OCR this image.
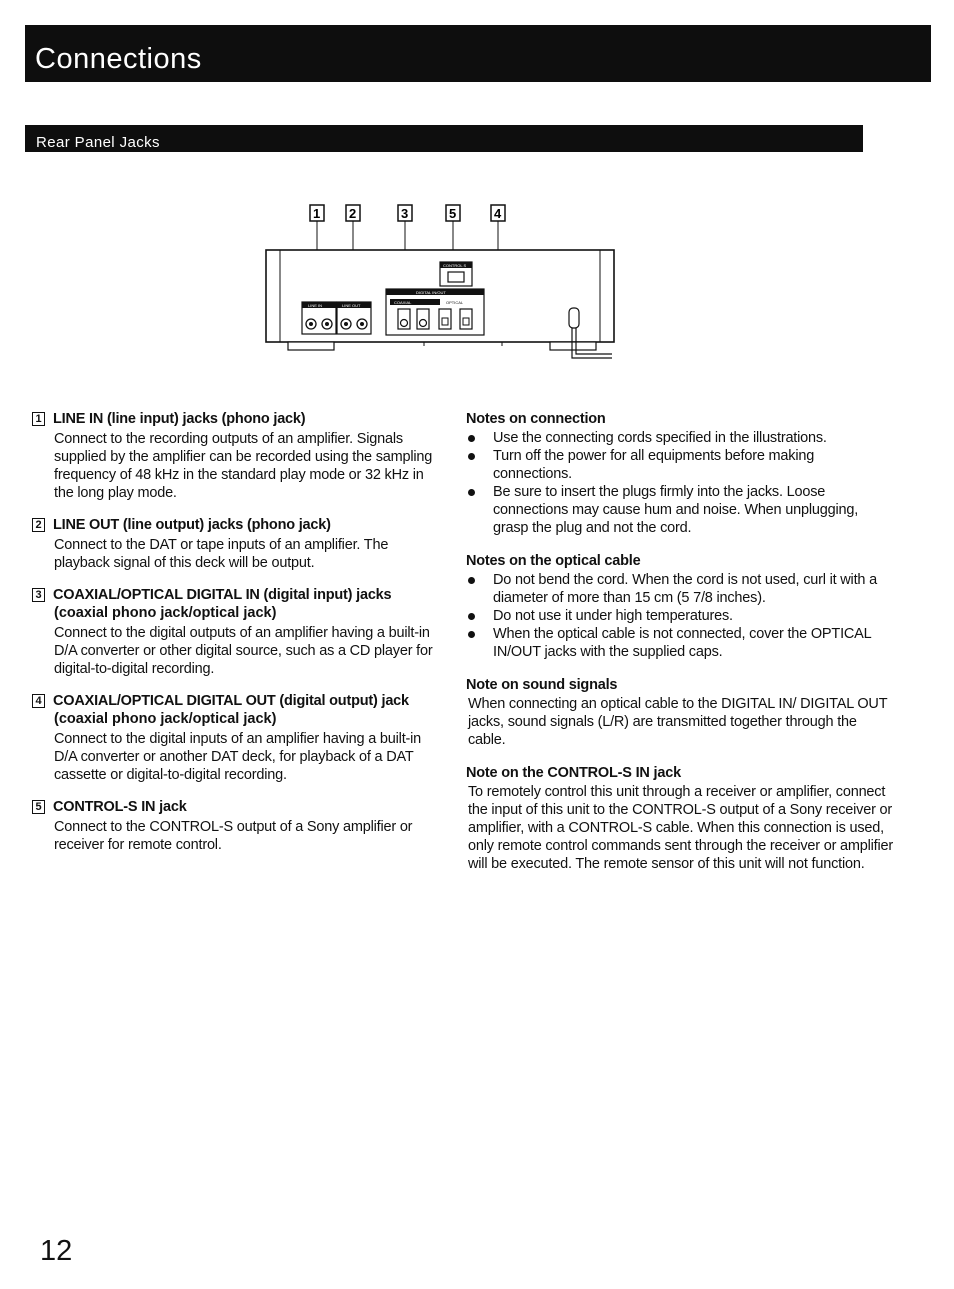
Connections
Rear Panel Jacks
1 2	3	5	4
LINE IN	LINE OUT
DIGITAL IN/OUT
COAXIAL	OPTICAL
CONTROL S
1 LINE IN (line input) jacks (phono jack)
Connect to the recording outputs of an amplifier. Signals supplied by the amplifier can be recorded using the sampling frequency of 48 kHz in the standard play mode or 32 kHz in the long play mode.
2 LINE OUT (line output) jacks (phono jack)
Connect to the DAT or tape inputs of an amplifier. The playback signal of this deck will be output.
3 COAXIAL/OPTICAL DIGITAL IN (digital input) jacks
(coaxial phono jack/optical jack)
Connect to the digital outputs of an amplifier having a built-in D/A converter or other digital source, such as a CD player for digital-to-digital recording.
4 COAXIAL/OPTICAL DIGITAL OUT (digital output) jack
(coaxial phono jack/optical jack)
Connect to the digital inputs of an amplifier having a built-in D/A converter or another DAT deck, for playback of a DAT cassette or digital-to-digital recording.
5 CONTROL-S IN jack
Connect to the CONTROL-S output of a Sony amplifier or receiver for remote control.
Notes on connection
Use the connecting cords specified in the illustrations.
Turn off the power for all equipments before making connections.
Be sure to insert the plugs firmly into the jacks. Loose connections may cause hum and noise. When unplugging, grasp the plug and not the cord.
Notes on the optical cable
Do not bend the cord. When the cord is not used, curl it with a diameter of more than 15 cm (5 7/8 inches).
Do not use it under high temperatures.
When the optical cable is not connected, cover the OPTICAL IN/OUT jacks with the supplied caps.
Note on sound signals
When connecting an optical cable to the DIGITAL IN/ DIGITAL OUT jacks, sound signals (L/R) are transmitted together through the cable.
Note on the CONTROL-S IN jack
To remotely control this unit through a receiver or amplifier, connect the input of this unit to the CONTROL-S output of a Sony receiver or amplifier, with a CONTROL-S cable. When this connection is used, only remote control commands sent through the receiver or amplifier will be executed. The remote sensor of this unit will not function.
12
